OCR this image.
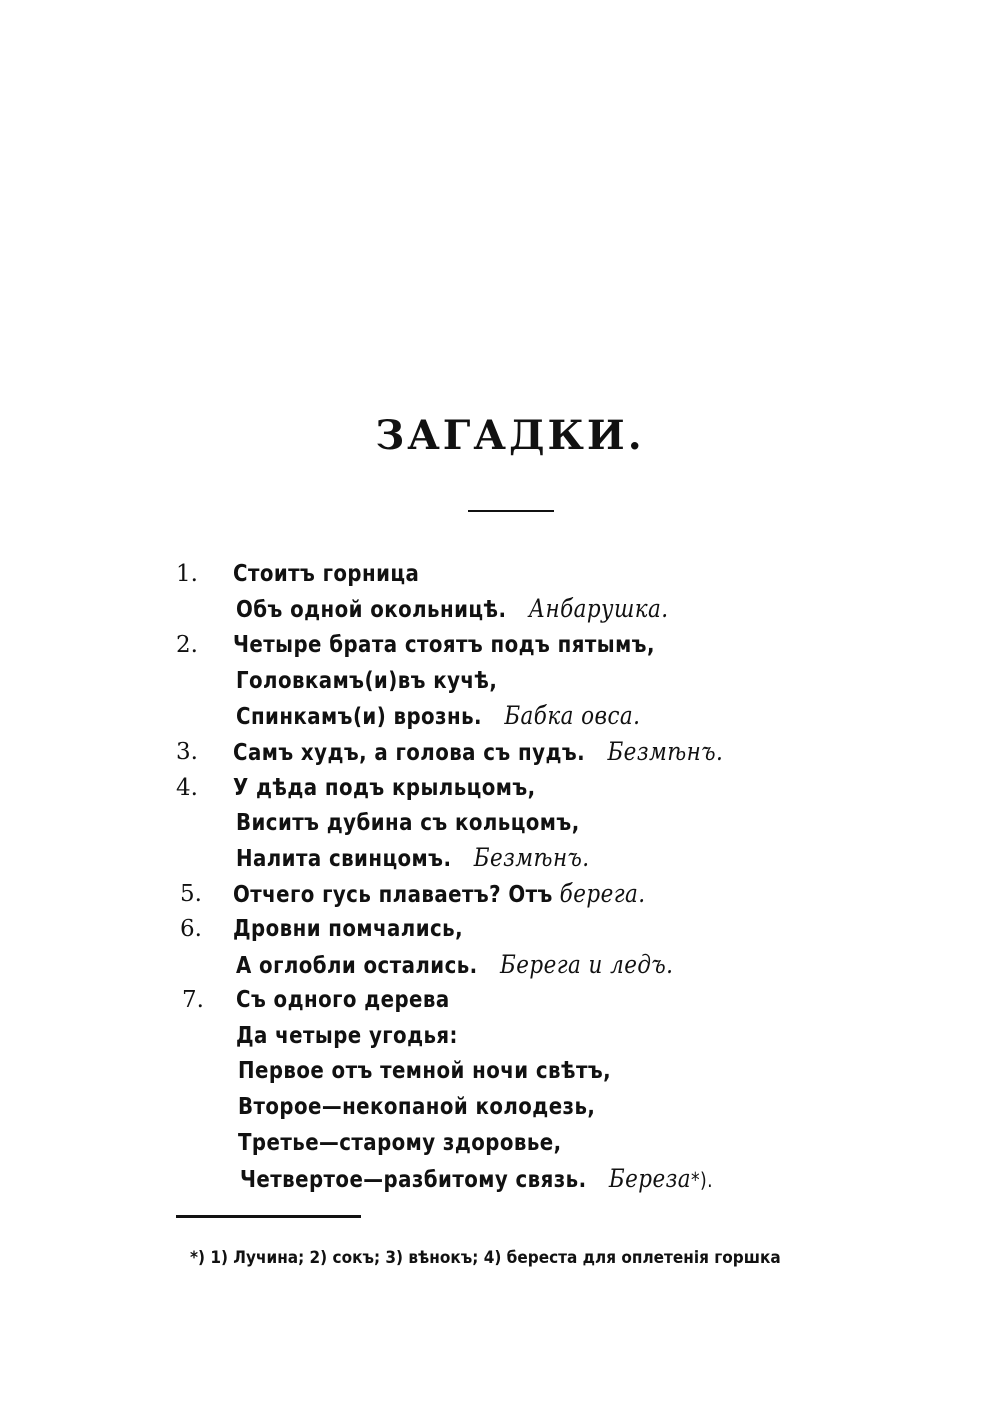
ЗАГАДКИ.
1. Стоитъ горница
Объ одной окольницѣ. Анбарушка.
2. Четыре брата стоятъ подъ пятымъ,
Головкамъ(и)въ кучѣ,
Спинкамъ(и) врознь. Бабка овса.
3. Самъ худъ, а голова съ пудъ. Безмѣнъ.
4. У дѣда подъ крыльцомъ,
Виситъ дубина съ кольцомъ,
Налита свинцомъ. Безмѣнъ.
5. Отчего гусь плаваетъ? Отъ берега.
6. Дровни помчались,
А оглобли остались. Берега и ледъ.
7. Съ одного дерева
Да четыре угодья:
Первое отъ темной ночи свѣтъ,
Второе—некопаной колодезь,
Третье—старому здоровье,
Четвертое—разбитому связь. Береза*).
*) 1) Лучина; 2) сокъ; 3) вѣнокъ; 4) береста для оплетенія горшка
